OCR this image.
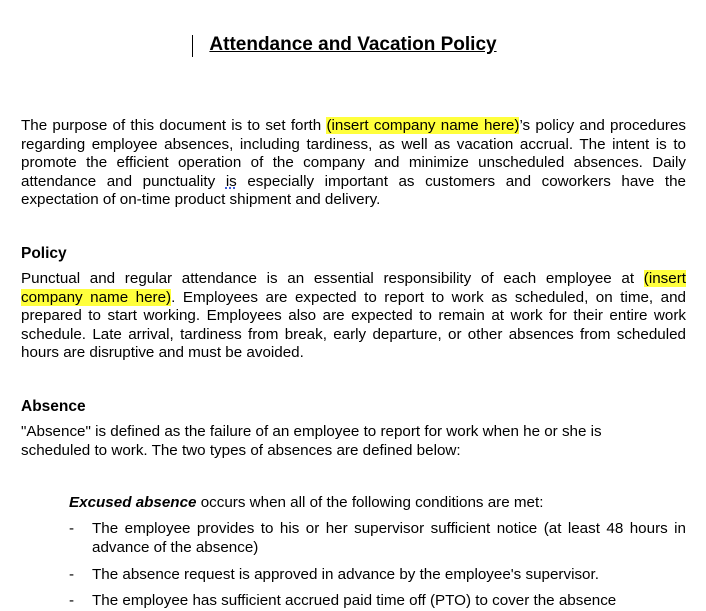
Attendance and Vacation Policy

The purpose of this document is to set forth (insert company name here)’s policy and procedures regarding employee absences, including tardiness, as well as vacation accrual. The intent is to promote the efficient operation of the company and minimize unscheduled absences. Daily attendance and punctuality is especially important as customers and coworkers have the expectation of on-time product shipment and delivery.

Policy

Punctual and regular attendance is an essential responsibility of each employee at (insert company name here). Employees are expected to report to work as scheduled, on time, and prepared to start working. Employees also are expected to remain at work for their entire work schedule. Late arrival, tardiness from break, early departure, or other absences from scheduled hours are disruptive and must be avoided.

Absence

"Absence" is defined as the failure of an employee to report for work when he or she is scheduled to work. The two types of absences are defined below:

Excused absence occurs when all of the following conditions are met:

- The employee provides to his or her supervisor sufficient notice (at least 48 hours in advance of the absence)

- The absence request is approved in advance by the employee's supervisor.

- The employee has sufficient accrued paid time off (PTO) to cover the absence
